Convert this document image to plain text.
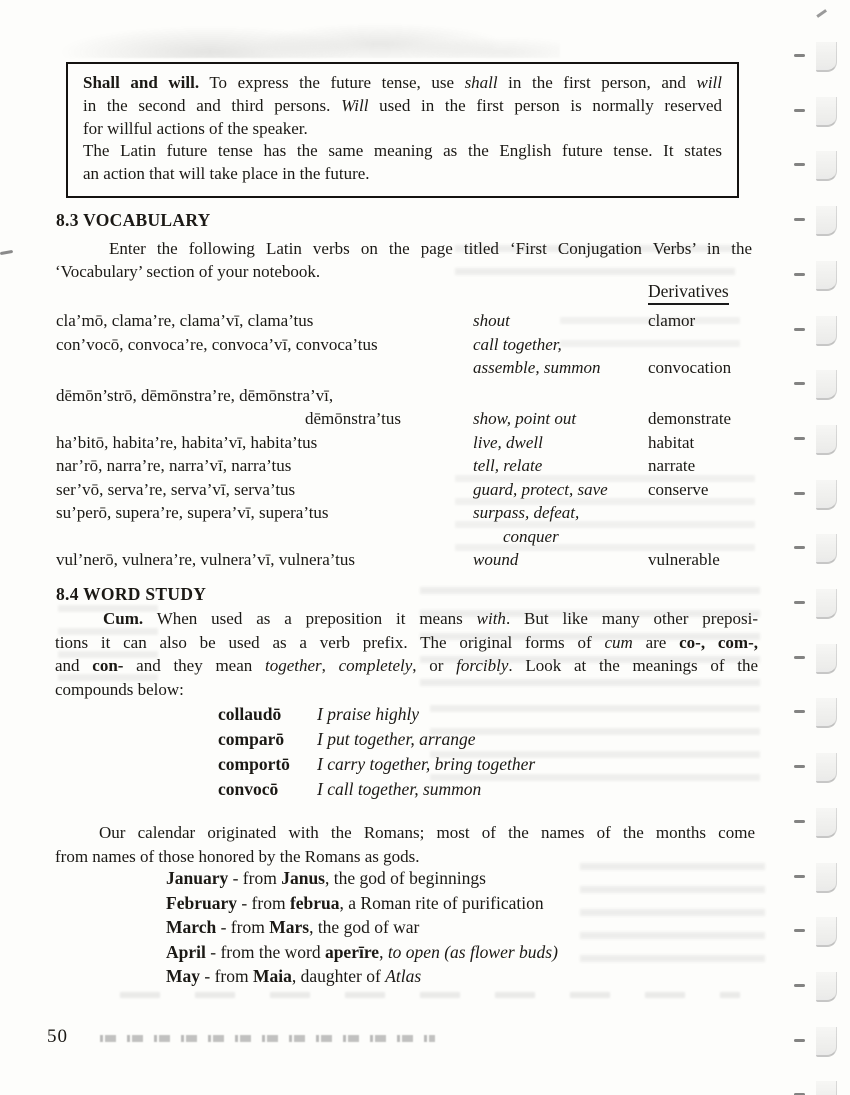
Shall and will. To express the future tense, use shall in the first person, and will
in the second and third persons. Will used in the first person is normally reserved
for willful actions of the speaker.
The Latin future tense has the same meaning as the English future tense. It states
an action that will take place in the future.
8.3 VOCABULARY
Enter the following Latin verbs on the page titled ‘First Conjugation Verbs’ in the
‘Vocabulary’ section of your notebook.
Derivatives
cla’mō, clama’re, clama’vī, clama’tus	shout	clamor
con’vocō, convoca’re, convoca’vī, convoca’tus	call together,
assemble, summon	convocation
dēmōn’strō, dēmōnstra’re, dēmōnstra’vī,
dēmōnstra’tus	show, point out	demonstrate
ha’bitō, habita’re, habita’vī, habita’tus	live, dwell	habitat
nar’rō, narra’re, narra’vī, narra’tus	tell, relate	narrate
ser’vō, serva’re, serva’vī, serva’tus	guard, protect, save	conserve
su’perō, supera’re, supera’vī, supera’tus	surpass, defeat,
conquer
vul’nerō, vulnera’re, vulnera’vī, vulnera’tus	wound	vulnerable
8.4 WORD STUDY
Cum. When used as a preposition it means with. But like many other preposi-
tions it can also be used as a verb prefix. The original forms of cum are co-, com-,
and con- and they mean together, completely, or forcibly. Look at the meanings of the
compounds below:
collaudō	I praise highly
comparō	I put together, arrange
comportō	I carry together, bring together
convocō	I call together, summon
Our calendar originated with the Romans; most of the names of the months come
from names of those honored by the Romans as gods.
January - from Janus, the god of beginnings
February - from februa, a Roman rite of purification
March - from Mars, the god of war
April - from the word aperīre, to open (as flower buds)
May - from Maia, daughter of Atlas
50
